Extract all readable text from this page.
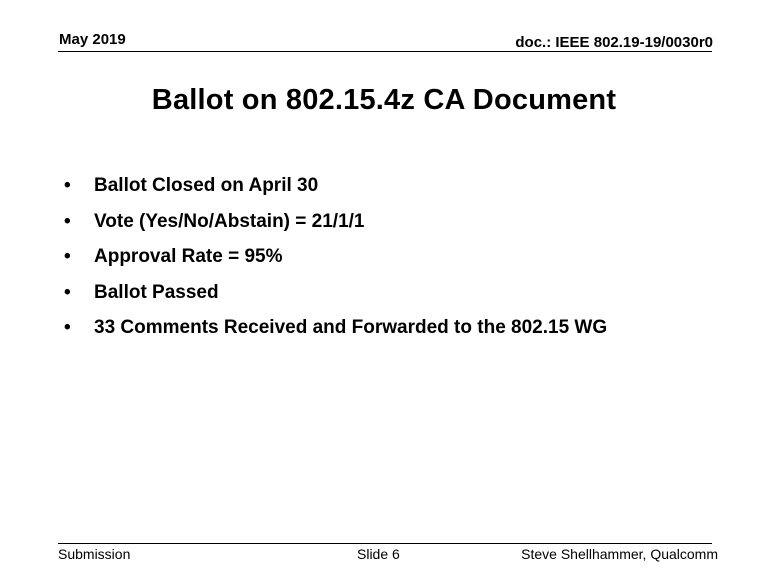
May 2019	doc.: IEEE 802.19-19/0030r0
Ballot on 802.15.4z CA Document
•	Ballot Closed on April 30
•	Vote (Yes/No/Abstain) = 21/1/1
•	Approval Rate = 95%
•	Ballot Passed
•	33 Comments Received and Forwarded to the 802.15 WG
Submission	Slide 6	Steve Shellhammer, Qualcomm
